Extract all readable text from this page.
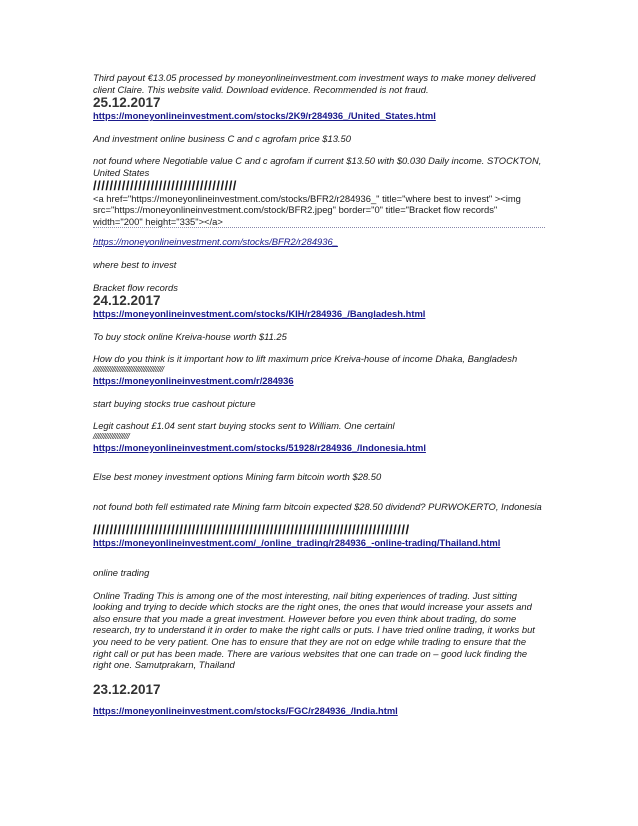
Third payout €13.05 processed by moneyonlineinvestment.com investment ways to make money delivered client Claire. This website valid. Download evidence. Recommended is not fraud.

25.12.2017

https://moneyonlineinvestment.com/stocks/2K9/r284936_/United_States.html

And investment online business C and c agrofam price $13.50

not found where Negotiable value C and c agrofam if current $13.50 with $0.030 Daily income. STOCKTON, United States

///////////////////////////////////

<a href="https://moneyonlineinvestment.com/stocks/BFR2/r284936_" title="where best to invest" ><img

src="https://moneyonlineinvestment.com/stock/BFR2.jpeg" border="0" title="Bracket flow records"

width="200" height="335"></a>

https://moneyonlineinvestment.com/stocks/BFR2/r284936_

where best to invest

Bracket flow records

24.12.2017

https://moneyonlineinvestment.com/stocks/KIH/r284936_/Bangladesh.html

To buy stock online Kreiva-house worth $11.25

How do you think is it important how to lift maximum price Kreiva-house of income Dhaka, Bangladesh

/////////////////////////////////////////

https://moneyonlineinvestment.com/r/284936

start buying stocks true cashout picture

Legit cashout £1.04 sent start buying stocks sent to William. One certainl

/////////////////////

https://moneyonlineinvestment.com/stocks/51928/r284936_/Indonesia.html

Else best money investment options Mining farm bitcoin worth $28.50

not found both fell estimated rate Mining farm bitcoin expected $28.50 dividend? PURWOKERTO, Indonesia

/////////////////////////////////////////////////////////////////////////////

https://moneyonlineinvestment.com/_/online_trading/r284936_-online-trading/Thailand.html

online trading

Online Trading This is among one of the most interesting, nail biting experiences of trading. Just sitting looking and trying to decide which stocks are the right ones, the ones that would increase your assets and also ensure that you made a great investment. However before you even think about trading, do some research, try to understand it in order to make the right calls or puts. I have tried online trading, it works but you need to be very patient. One has to ensure that they are not on edge while trading to ensure that the right call or put has been made. There are various websites that one can trade on – good luck finding the right one. Samutprakarn, Thailand

23.12.2017

https://moneyonlineinvestment.com/stocks/FGC/r284936_/India.html
